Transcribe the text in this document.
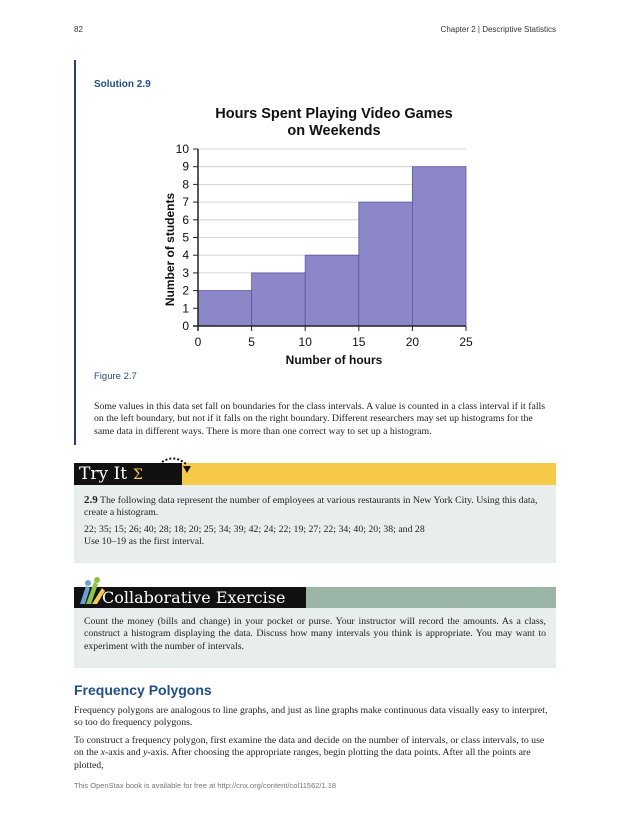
82	Chapter 2 | Descriptive Statistics
Solution 2.9
Hours Spent Playing Video Games
on Weekends
0
1
2
3
4
5
6
7
8
9
10
0	5	10	15	20	25
Number of hours
Number of students
Figure 2.7
Some values in this data set fall on boundaries for the class intervals. A value is counted in a class interval if it falls on the left boundary, but not if it falls on the right boundary. Different researchers may set up histograms for the same data in different ways. There is more than one correct way to set up a histogram.
Try It Σ
2.9 The following data represent the number of employees at various restaurants in New York City. Using this data, create a histogram.
22; 35; 15; 26; 40; 28; 18; 20; 25; 34; 39; 42; 24; 22; 19; 27; 22; 34; 40; 20; 38; and 28
Use 10–19 as the first interval.
Collaborative Exercise
Count the money (bills and change) in your pocket or purse. Your instructor will record the amounts. As a class, construct a histogram displaying the data. Discuss how many intervals you think is appropriate. You may want to experiment with the number of intervals.
Frequency Polygons
Frequency polygons are analogous to line graphs, and just as line graphs make continuous data visually easy to interpret, so too do frequency polygons.
To construct a frequency polygon, first examine the data and decide on the number of intervals, or class intervals, to use on the x-axis and y-axis. After choosing the appropriate ranges, begin plotting the data points. After all the points are plotted,
This OpenStax book is available for free at http://cnx.org/content/col11562/1.18
